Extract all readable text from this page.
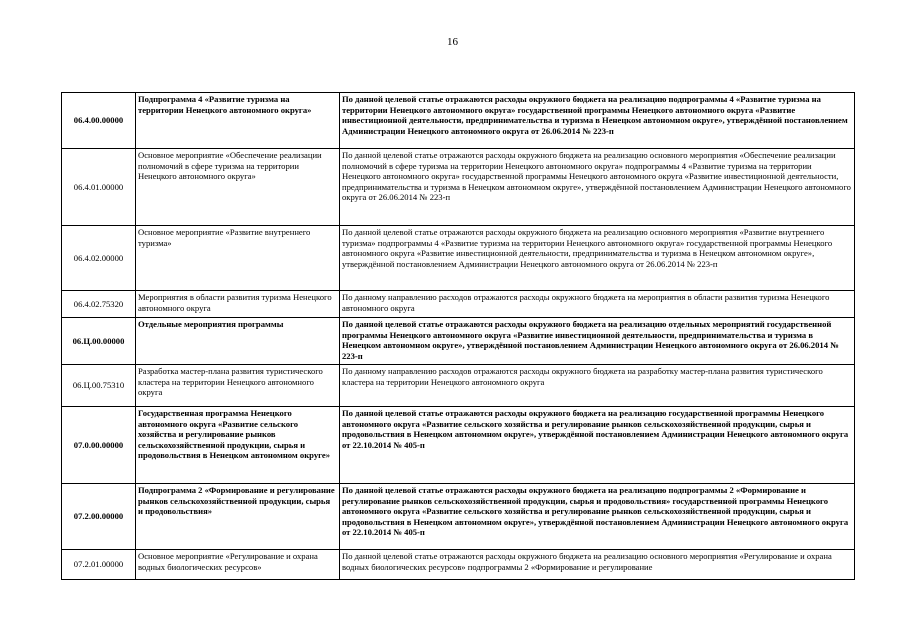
16
06.4.00.00000	Подпрограмма 4 «Развитие туризма на территории Ненецкого автономного округа»	По данной целевой статье отражаются расходы окружного бюджета на реализацию подпрограммы 4 «Развитие туризма на территории Ненецкого автономного округа» государственной программы Ненецкого автономного округа «Развитие инвестиционной деятельности, предпринимательства и туризма в Ненецком автономном округе», утверждённой постановлением Администрации Ненецкого автономного округа от 26.06.2014 № 223-п
06.4.01.00000	Основное мероприятие «Обеспечение реализации полномочий в сфере туризма на территории Ненецкого автономного округа»	По данной целевой статье отражаются расходы окружного бюджета на реализацию основного мероприятия «Обеспечение реализации полномочий в сфере туризма на территории Ненецкого автономного округа» подпрограммы 4 «Развитие туризма на территории Ненецкого автономного округа» государственной программы Ненецкого автономного округа «Развитие инвестиционной деятельности, предпринимательства и туризма в Ненецком автономном округе», утверждённой постановлением Администрации Ненецкого автономного округа от 26.06.2014 № 223-п
06.4.02.00000	Основное мероприятие «Развитие внутреннего туризма»	По данной целевой статье отражаются расходы окружного бюджета на реализацию основного мероприятия «Развитие внутреннего туризма» подпрограммы 4 «Развитие туризма на территории Ненецкого автономного округа» государственной программы Ненецкого автономного округа «Развитие инвестиционной деятельности, предпринимательства и туризма в Ненецком автономном округе», утверждённой постановлением Администрации Ненецкого автономного округа от 26.06.2014 № 223-п
06.4.02.75320	Мероприятия в области развития туризма Ненецкого автономного округа	По данному направлению расходов отражаются расходы окружного бюджета на мероприятия в области развития туризма Ненецкого автономного округа
06.Ц.00.00000	Отдельные мероприятия программы	По данной целевой статье отражаются расходы окружного бюджета на реализацию отдельных мероприятий государственной программы Ненецкого автономного округа «Развитие инвестиционной деятельности, предпринимательства и туризма в Ненецком автономном округе», утверждённой постановлением Администрации Ненецкого автономного округа от 26.06.2014 № 223-п
06.Ц.00.75310	Разработка мастер-плана развития туристического кластера на территории Ненецкого автономного округа	По данному направлению расходов отражаются расходы окружного бюджета на разработку мастер-плана развития туристического кластера на территории Ненецкого автономного округа
07.0.00.00000	Государственная программа Ненецкого автономного округа «Развитие сельского хозяйства и регулирование рынков сельскохозяйственной продукции, сырья и продовольствия в Ненецком автономном округе»	По данной целевой статье отражаются расходы окружного бюджета на реализацию государственной программы Ненецкого автономного округа «Развитие сельского хозяйства и регулирование рынков сельскохозяйственной продукции, сырья и продовольствия в Ненецком автономном округе», утверждённой постановлением Администрации Ненецкого автономного округа от 22.10.2014 № 405-п
07.2.00.00000	Подпрограмма 2 «Формирование и регулирование рынков сельскохозяйственной продукции, сырья и продовольствия»	По данной целевой статье отражаются расходы окружного бюджета на реализацию подпрограммы 2 «Формирование и регулирование рынков сельскохозяйственной продукции, сырья и продовольствия» государственной программы Ненецкого автономного округа «Развитие сельского хозяйства и регулирование рынков сельскохозяйственной продукции, сырья и продовольствия в Ненецком автономном округе», утверждённой постановлением Администрации Ненецкого автономного округа от 22.10.2014 № 405-п
07.2.01.00000	Основное мероприятие «Регулирование и охрана водных биологических ресурсов»	По данной целевой статье отражаются расходы окружного бюджета на реализацию основного мероприятия «Регулирование и охрана водных биологических ресурсов» подпрограммы 2 «Формирование и регулирование
